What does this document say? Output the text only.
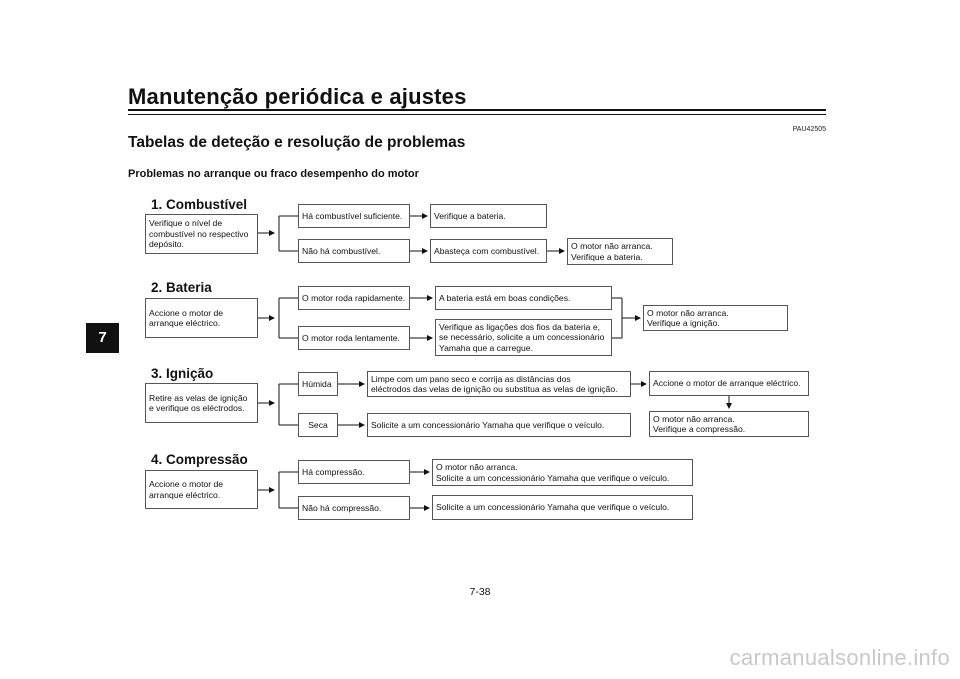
Manutenção periódica e ajustes
7
PAU42505
Tabelas de deteção e resolução de problemas
Problemas no arranque ou fraco desempenho do motor
1. Combustível
Verifique o nível de
combustível no respectivo
depósito.
Há combustível suficiente.	Verifique a bateria.
Não há combustível.	Abasteça com combustível.	O motor não arranca.
Verifique a bateria.
2. Bateria
Accione o motor de
arranque eléctrico.
O motor roda rapidamente.	A bateria está em boas condições.
O motor roda lentamente.
Verifique as ligações dos fios da bateria e,
se necessário, solicite a um concessionário
Yamaha que a carregue.
O motor não arranca.
Verifique a ignição.
3. Ignição
Retire as velas de ignição
e verifique os eléctrodos.
Húmida
Limpe com um pano seco e corrija as distâncias dos
eléctrodos das velas de ignição ou substitua as velas de ignição.
Accione o motor de arranque eléctrico.
Seca	Solicite a um concessionário Yamaha que verifique o veículo.
O motor não arranca.
Verifique a compressão.
4. Compressão
Accione o motor de
arranque eléctrico.
Há compressão.	O motor não arranca.
Solicite a um concessionário Yamaha que verifique o veículo.
Não há compressão.	Solicite a um concessionário Yamaha que verifique o veículo.
7-38
carmanualsonline.info
